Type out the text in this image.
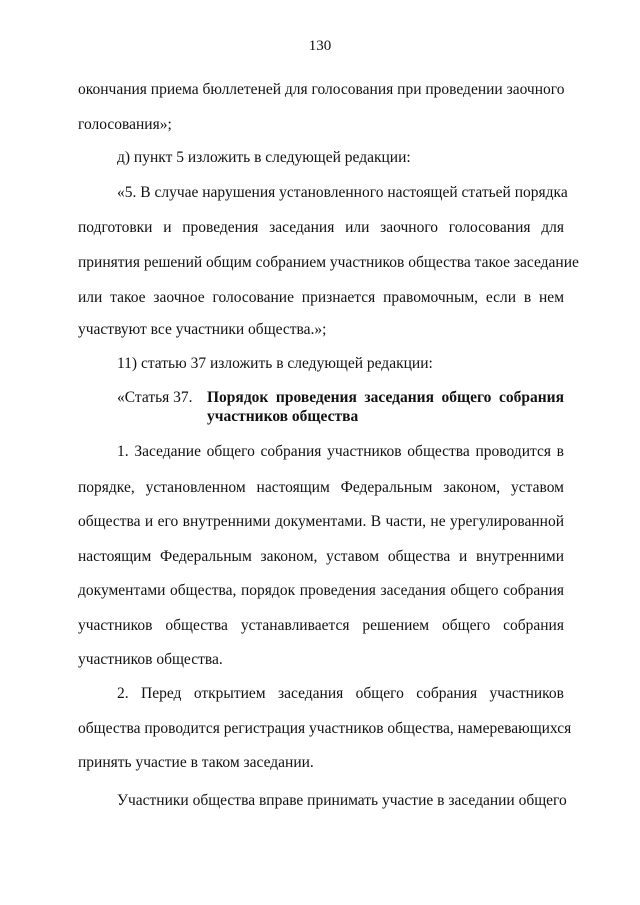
130
окончания приема бюллетеней для голосования при проведении заочного
голосования»;
д) пункт 5 изложить в следующей редакции:
«5. В случае нарушения установленного настоящей статьей порядка
подготовки и проведения заседания или заочного голосования для
принятия решений общим собранием участников общества такое заседание
или такое заочное голосование признается правомочным, если в нем
участвуют все участники общества.»;
11) статью 37 изложить в следующей редакции:
«Статья 37. Порядок проведения заседания общего собрания
участников общества
1. Заседание общего собрания участников общества проводится в
порядке, установленном настоящим Федеральным законом, уставом
общества и его внутренними документами. В части, не урегулированной
настоящим Федеральным законом, уставом общества и внутренними
документами общества, порядок проведения заседания общего собрания
участников общества устанавливается решением общего собрания
участников общества.
2. Перед открытием заседания общего собрания участников
общества проводится регистрация участников общества, намеревающихся
принять участие в таком заседании.
Участники общества вправе принимать участие в заседании общего
